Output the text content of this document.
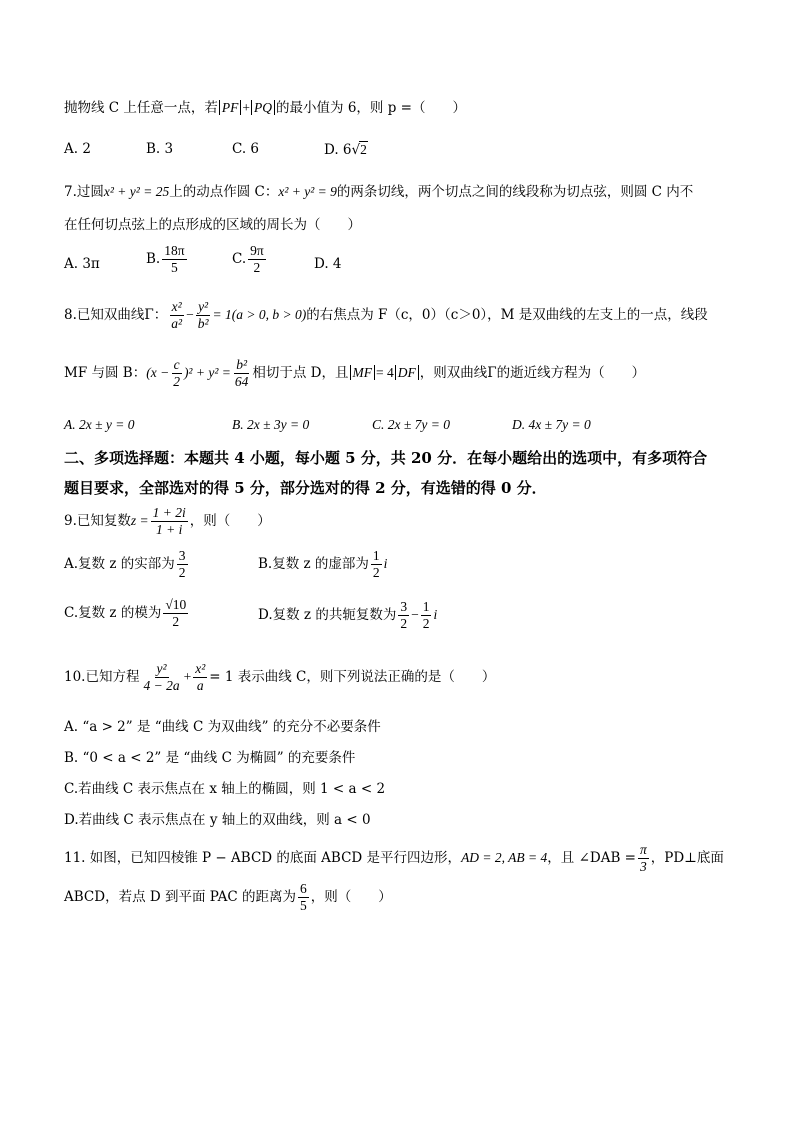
抛物线 C 上任意一点，若 PF + PQ 的最小值为 6，则 p =（　　）
A. 2	B. 3	C. 6	D. 6√2
7.过圆x² + y² = 25上的动点作圆 C：x² + y² = 9的两条切线，两个切点之间的线段称为切点弦，则圆 C 内不
在任何切点弦上的点形成的区域的周长为（　　）
A. 3π	B. $\frac{18\pi}{5}$	C. $\frac{9\pi}{2}$	D. 4
8.已知双曲线Γ： $\frac{\text{x²}}{\text{a²}} - \frac{\text{y²}}{\text{b²}} = 1(a > 0$, b > 0)的右焦点为 F（c，0）（c＞0），M 是双曲线的左支上的一点，线段
MF 与圆 B：$(x - \frac{c}{2} )^2 + y^2 = \frac{\text{b²}}{64}$ 相切于点 D，且 MF = 4 DF ，则双曲线Γ的逝近线方程为（　　）
A. 2x ± y = 0	B. 2x ± 3y = 0	C. 2x ± 7y = 0	D. 4x ± 7y = 0
二、多项选择题：本题共 4 小题，每小题 5 分，共 20 分．在每小题给出的选项中，有多项符合
题目要求，全部选对的得 5 分，部分选对的得 2 分，有选错的得 0 分．
9.已知复数$z = \frac{1 + 2i}{1 + i}$ ，则（　　）
A.复数 z 的实部为 $\frac{3}{2}$	B.复数 z 的虚部为 $\frac{1}{2}$ i
C.复数 z 的模为 $\frac{√10}{2}$	D.复数 z 的共轭复数为 $\frac{3}{2} - \frac{1}{2}$ i
10.已知方程 $\frac{\text{y²}}{4 - 2a} + \frac{\text{x²}}{a} = 1$ 表示曲线 C，则下列说法正确的是（　　）
A. “a > 2” 是 “曲线 C 为双曲线” 的充分不必要条件
B. “0 < a < 2” 是 “曲线 C 为椭圆” 的充要条件
C.若曲线 C 表示焦点在 x 轴上的椭圆，则 1 < a < 2
D.若曲线 C 表示焦点在 y 轴上的双曲线，则 a < 0
11. 如图，已知四棱锥 P − ABCD 的底面 ABCD 是平行四边形，AD = 2, AB = 4，且 ∠DAB = $\frac{\pi}{3}$ ，PD⊥底面
ABCD，若点 D 到平面 PAC 的距离为 $\frac{6}{5}$ ，则（　　）
